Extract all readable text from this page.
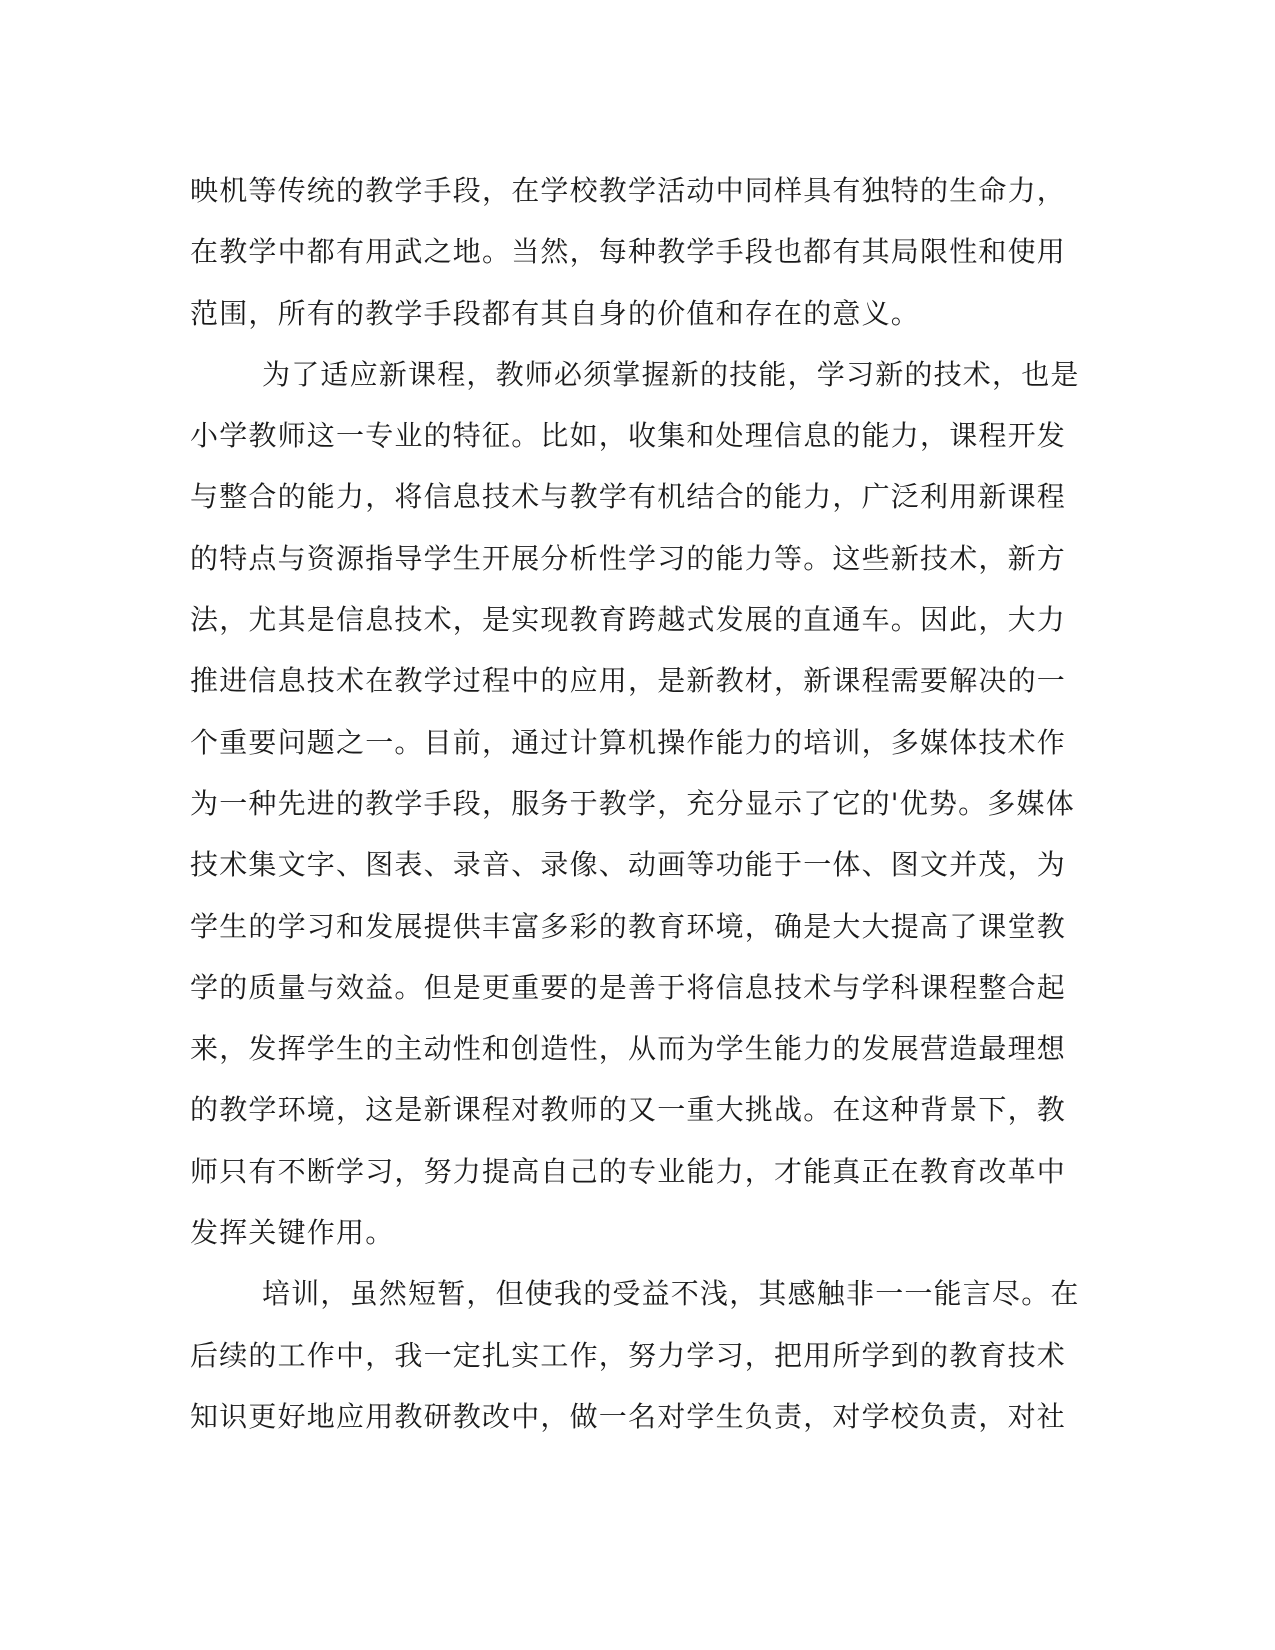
映机等传统的教学手段，在学校教学活动中同样具有独特的生命力，
在教学中都有用武之地。当然，每种教学手段也都有其局限性和使用
范围，所有的教学手段都有其自身的价值和存在的意义。
为了适应新课程，教师必须掌握新的技能，学习新的技术，也是
小学教师这一专业的特征。比如，收集和处理信息的能力，课程开发
与整合的能力，将信息技术与教学有机结合的能力，广泛利用新课程
的特点与资源指导学生开展分析性学习的能力等。这些新技术，新方
法，尤其是信息技术，是实现教育跨越式发展的直通车。因此，大力
推进信息技术在教学过程中的应用，是新教材，新课程需要解决的一
个重要问题之一。目前，通过计算机操作能力的培训，多媒体技术作
为一种先进的教学手段，服务于教学，充分显示了它的'优势。多媒体
技术集文字、图表、录音、录像、动画等功能于一体、图文并茂，为
学生的学习和发展提供丰富多彩的教育环境，确是大大提高了课堂教
学的质量与效益。但是更重要的是善于将信息技术与学科课程整合起
来，发挥学生的主动性和创造性，从而为学生能力的发展营造最理想
的教学环境，这是新课程对教师的又一重大挑战。在这种背景下，教
师只有不断学习，努力提高自己的专业能力，才能真正在教育改革中
发挥关键作用。
培训，虽然短暂，但使我的受益不浅，其感触非一一能言尽。在
后续的工作中，我一定扎实工作，努力学习，把用所学到的教育技术
知识更好地应用教研教改中，做一名对学生负责，对学校负责，对社
